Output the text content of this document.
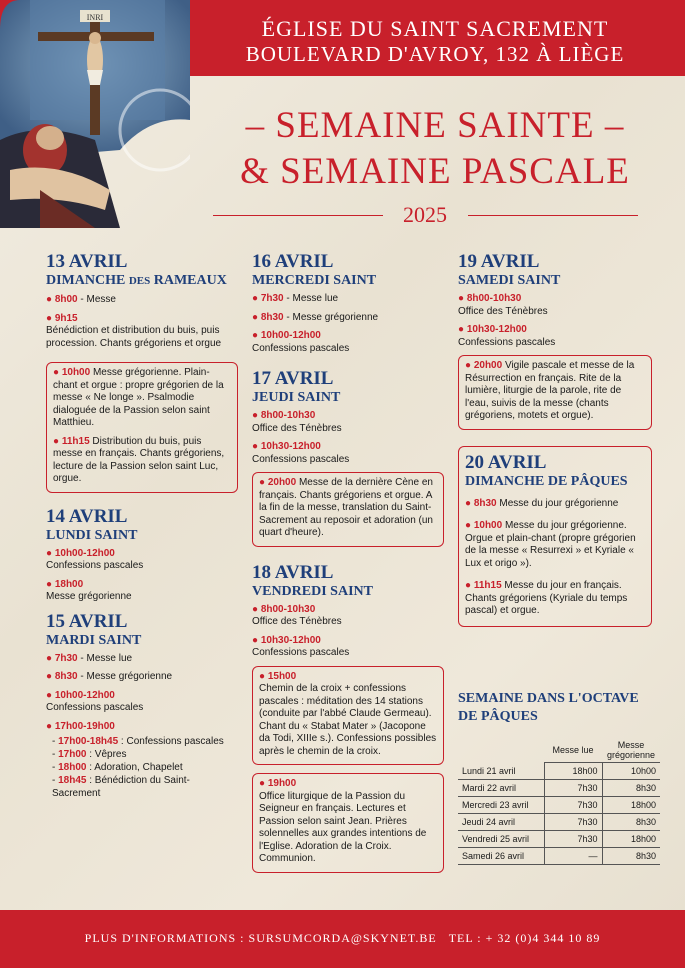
ÉGLISE DU SAINT SACREMENT
BOULEVARD D'AVROY, 132 À LIÈGE
INRI
– SEMAINE SAINTE –
& SEMAINE PASCALE
2025
13 AVRIL
DIMANCHE DES RAMEAUX
● 8h00 - Messe
● 9h15
Bénédiction et distribution du buis, puis procession. Chants grégoriens et orgue
● 10h00 Messe grégorienne. Plain-chant et orgue : propre grégorien de la messe « Ne longe ». Psalmodie dialoguée de la Passion selon saint Matthieu.
● 11h15 Distribution du buis, puis messe en français. Chants grégoriens, lecture de la Passion selon saint Luc, orgue.
14 AVRIL
LUNDI SAINT
● 10h00-12h00
Confessions pascales
● 18h00
Messe grégorienne
15 AVRIL
MARDI SAINT
● 7h30 - Messe lue
● 8h30 - Messe grégorienne
● 10h00-12h00
Confessions pascales
● 17h00-19h00
- 17h00-18h45 : Confessions pascales
- 17h00 : Vêpres
- 18h00 : Adoration, Chapelet
- 18h45 : Bénédiction du Saint-Sacrement
16 AVRIL
MERCREDI SAINT
● 7h30 - Messe lue
● 8h30 - Messe grégorienne
● 10h00-12h00
Confessions pascales
17 AVRIL
JEUDI SAINT
● 8h00-10h30
Office des Ténèbres
● 10h30-12h00
Confessions pascales
● 20h00 Messe de la dernière Cène en français. Chants grégoriens et orgue. A la fin de la messe, translation du Saint-Sacrement au reposoir et adoration (un quart d'heure).
18 AVRIL
VENDREDI SAINT
● 8h00-10h30
Office des Ténèbres
● 10h30-12h00
Confessions pascales
● 15h00
Chemin de la croix + confessions pascales : méditation des 14 stations (conduite par l'abbé Claude Germeau). Chant du « Stabat Mater » (Jacopone da Todi, XIIIe s.). Confessions possibles après le chemin de la croix.
● 19h00
Office liturgique de la Passion du Seigneur en français. Lectures et Passion selon saint Jean. Prières solennelles aux grandes intentions de l'Eglise. Adoration de la Croix. Communion.
19 AVRIL
SAMEDI SAINT
● 8h00-10h30
Office des Ténèbres
● 10h30-12h00
Confessions pascales
● 20h00 Vigile pascale et messe de la Résurrection en français. Rite de la lumière, liturgie de la parole, rite de l'eau, suivis de la messe (chants grégoriens, motets et orgue).
20 AVRIL
DIMANCHE DE PÂQUES
● 8h30 Messe du jour grégorienne
● 10h00 Messe du jour grégorienne. Orgue et plain-chant (propre grégorien de la messe « Resurrexi » et Kyriale « Lux et origo »).
● 11h15 Messe du jour en français. Chants grégoriens (Kyriale du temps pascal) et orgue.
SEMAINE DANS L'OCTAVE
DE PÂQUES
	Messe lue	Messe grégorienne
Lundi 21 avril	18h00	10h00
Mardi 22 avril	7h30	8h30
Mercredi 23 avril	7h30	18h00
Jeudi 24 avril	7h30	8h30
Vendredi 25 avril	7h30	18h00
Samedi 26 avril	—	8h30
PLUS D'INFORMATIONS : SURSUMCORDA@SKYNET.BE TEL : + 32 (0)4 344 10 89
